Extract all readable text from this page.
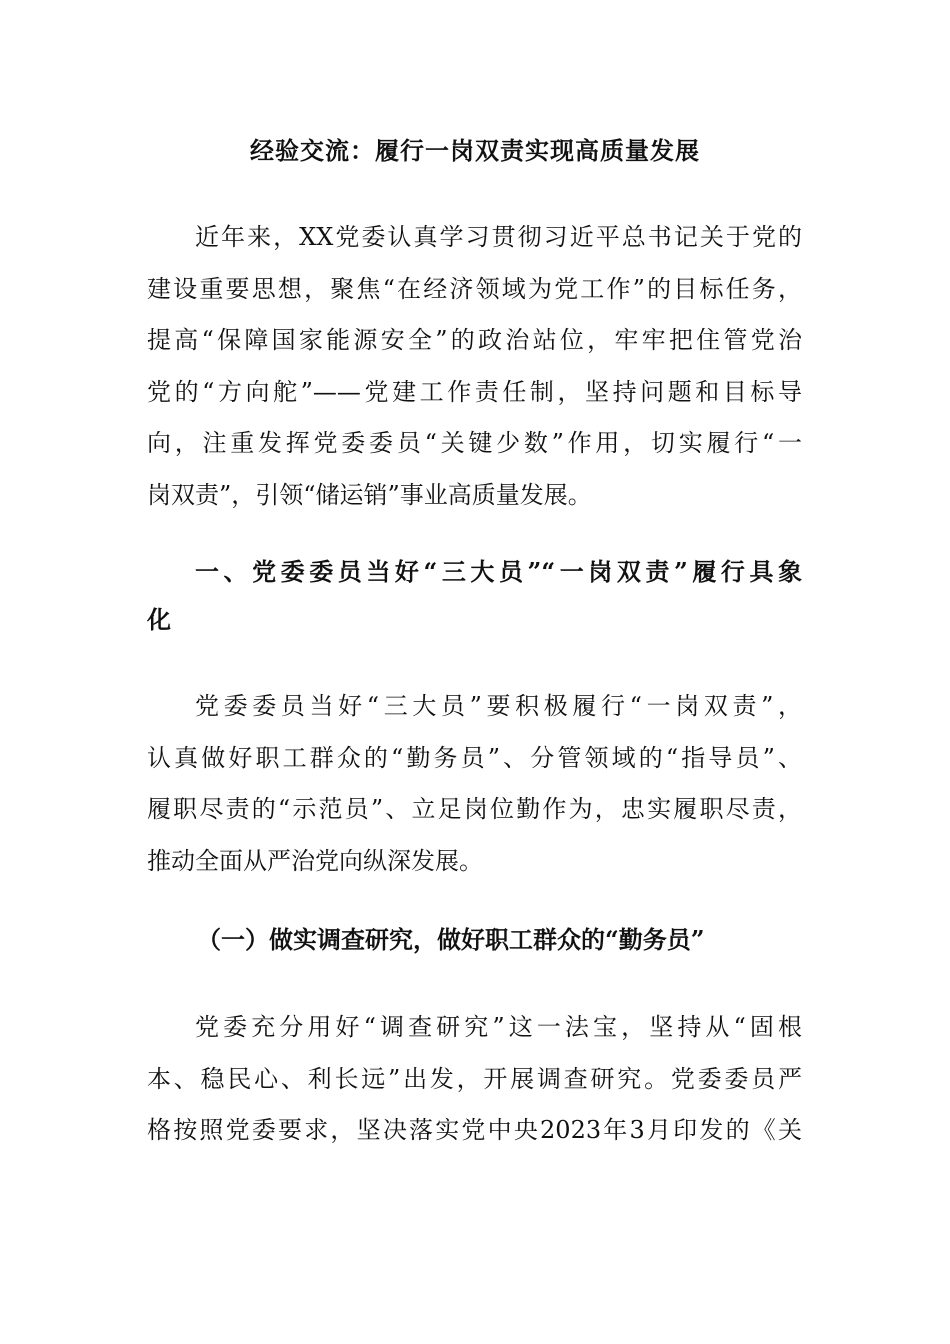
经验交流：履行一岗双责实现高质量发展
近年来，XX党委认真学习贯彻习近平总书记关于党的
建设重要思想，聚焦“在经济领域为党工作”的目标任务，
提高“保障国家能源安全”的政治站位，牢牢把住管党治
党的“方向舵”——党建工作责任制，坚持问题和目标导
向，注重发挥党委委员“关键少数”作用，切实履行“一
岗双责”，引领“储运销”事业高质量发展。
一、党委委员当好“三大员”“一岗双责”履行具象
化
党委委员当好“三大员”要积极履行“一岗双责”，
认真做好职工群众的“勤务员”、分管领域的“指导员”、
履职尽责的“示范员”、立足岗位勤作为，忠实履职尽责，
推动全面从严治党向纵深发展。
（一）做实调查研究，做好职工群众的“勤务员”
党委充分用好“调查研究”这一法宝，坚持从“固根
本、稳民心、利长远”出发，开展调查研究。党委委员严
格按照党委要求，坚决落实党中央2023年3月印发的《关
